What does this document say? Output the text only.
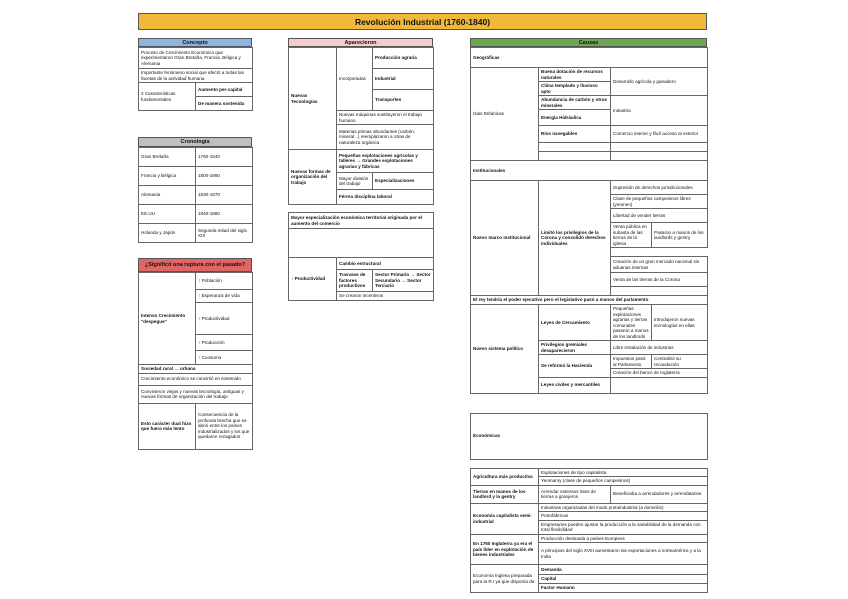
Revolución Industrial (1760-1840)
Concepto
Proceso de Crecimiento Económico que experimentaron Gran Bretaña, Francia, Bélgica y Alemania
Importante fenómeno social que afectó a todas las facetas de la actividad humana
2 Características fundamentales	Aumento per-capital
De manera sostenida
Cronología
Gran Bretaña	1760-1840
Francia y Bélgica	1800-1860
Alemania	1830-1870
EE.UU	1840-1880
Holanda y Japón	Segunda mitad del siglo XIX
¿Significó una ruptura con el pasado?
Intenso Crecimiento "despegue"	↑ Población
	↑ Esperanza de vida
	↑ Productividad
	↑ Producción
	↑ Consumo
Sociedad rural → urbana	
Crecimiento económico se convirtió en sostenido	
Convivieron viejas y nuevas tecnología, antiguas y nuevas formas de organización del trabajo	
Esto carácter dual hizo que fuera más lento	Consecuencia de la profunda brecha que se abrió entre los países industrializados y los que quedaron rezagados
Aparecieron
Nuevas Tecnologías	Incorporadas	Producción agraria
		Industrial
		Transportes
	Nuevas máquinas sustituyeron el trabajo humano	
	Materias primas abundantes (carbón, mineral...) reemplazaron a otras de naturaleza orgánica	
Nuevas formas de organización del trabajo	Pequeñas explotaciones agrícolas y talleres → Grandes explotaciones agrarias y fábricas	
	Mayor división del trabajo	Especializaciones
	Férrea disciplina laboral	

Mayor especialización económica territorial originada por el aumento del comercio		

↑ Productividad	Cambio estructural	
	Trasvase de factores productivos	Sector Primario → Sector Secundario → Sector Terciario
	Se crearon incentivos	
Causas
Geográficas			
Islas Británicas	Buena dotación de recursos naturales	Desarrollo agrícola y ganadero	
	Clima templado y lluvioso apto		
	Abundancia de carbón y otros minerales	Industria	
	Energía Hidráulica		
	Ríos navegables	Comercio interior y fácil acceso al exterior	

Institucionales			
Nuevo marco institucional	Limitó los privilegios de la Corona y consolidó derechos individuales	Supresión de derechos jurisdiccionales	
		Clase de pequeños campesinos libres (yeomen)	
		Libertad de vender tierras	
		Venta pública en subasta de las tierras de la iglesia	Pasaron a manos de los landlords y gentry

		Creación de un gran mercado nacional sin aduanas internas	
		Venta de las tierras de la Corona	

El rey tendría el poder ejecutivo pero el legislativo pasó a manos del parlamento			
Nuevo sistema político	Leyes de Cercamiento	Pequeñas explotaciones agrarias y tierras comunales pasaron a manos de los landlords	Introdujeron nuevas tecnologías en ellas
	Privilegios gremiales desaparecieron	Libre instalación de industrias	
	Se reformó la Hacienda	Impuestos pasó al Parlamento	Centralizó su recaudación
		Creación del banco de Inglaterra	
	Leyes civiles y mercantiles		

Económicas			

Agricultura más productiva	Explotaciones de tipo capitalista		
	Yeomanry (clase de pequeños campesinos)		
Tierras en manos de los landlord y la gentry	Arrendar extensos lotes de tierras a granjeros	Beneficiaba a arrendadores y arrendatarios	
Economía capitalista semi-industrial	Industrias organizadas del modo protoindustrial (a domicilio)		
	Protofábricas		
	Empresarios pueden ajustar la producción a la variabilidad de la demanda con total flexibilidad		
En 1760 Inglaterra ya era el país líder en explotación de bienes industriales	Producción destinada a países Europeos		
	A principios del siglo XVIII aumentaron las exportaciones a norteamérica y a la India		
Economía Inglesa preparada para la R.I ya que disponía de:	Demanda		
	Capital		
	Factor Humano		
